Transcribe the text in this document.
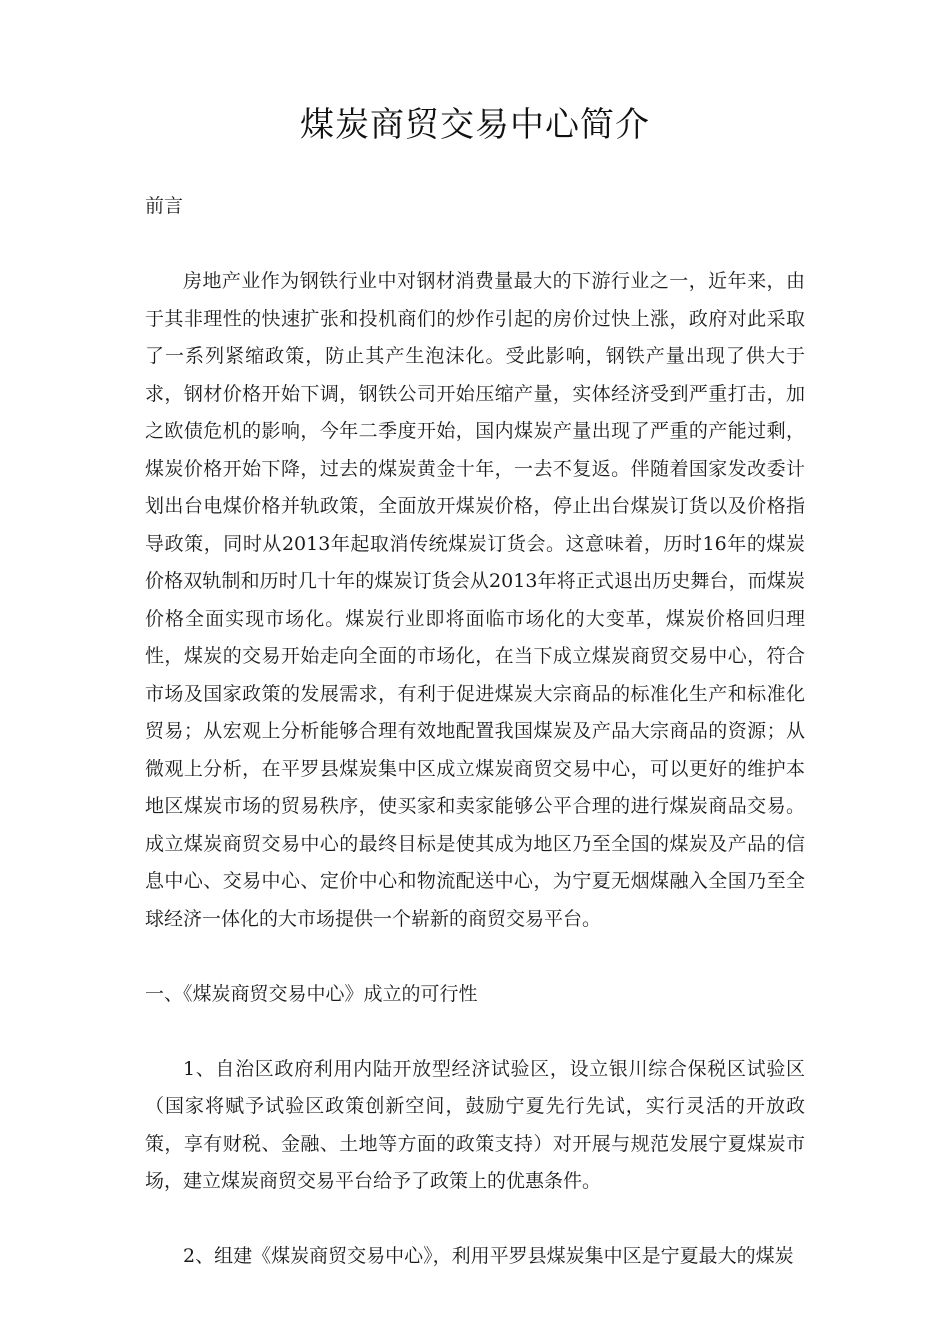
煤炭商贸交易中心简介

前言

房地产业作为钢铁行业中对钢材消费量最大的下游行业之一，近年来，由于其非理性的快速扩张和投机商们的炒作引起的房价过快上涨，政府对此采取了一系列紧缩政策，防止其产生泡沫化。受此影响，钢铁产量出现了供大于求，钢材价格开始下调，钢铁公司开始压缩产量，实体经济受到严重打击，加之欧债危机的影响，今年二季度开始，国内煤炭产量出现了严重的产能过剩，煤炭价格开始下降，过去的煤炭黄金十年，一去不复返。伴随着国家发改委计划出台电煤价格并轨政策，全面放开煤炭价格，停止出台煤炭订货以及价格指导政策，同时从2013年起取消传统煤炭订货会。这意味着，历时16年的煤炭价格双轨制和历时几十年的煤炭订货会从2013年将正式退出历史舞台，而煤炭价格全面实现市场化。煤炭行业即将面临市场化的大变革，煤炭价格回归理性，煤炭的交易开始走向全面的市场化，在当下成立煤炭商贸交易中心，符合市场及国家政策的发展需求，有利于促进煤炭大宗商品的标准化生产和标准化贸易；从宏观上分析能够合理有效地配置我国煤炭及产品大宗商品的资源；从微观上分析，在平罗县煤炭集中区成立煤炭商贸交易中心，可以更好的维护本地区煤炭市场的贸易秩序，使买家和卖家能够公平合理的进行煤炭商品交易。成立煤炭商贸交易中心的最终目标是使其成为地区乃至全国的煤炭及产品的信息中心、交易中心、定价中心和物流配送中心，为宁夏无烟煤融入全国乃至全球经济一体化的大市场提供一个崭新的商贸交易平台。

一、《煤炭商贸交易中心》成立的可行性

1、自治区政府利用内陆开放型经济试验区，设立银川综合保税区试验区（国家将赋予试验区政策创新空间，鼓励宁夏先行先试，实行灵活的开放政策，享有财税、金融、土地等方面的政策支持）对开展与规范发展宁夏煤炭市场，建立煤炭商贸交易平台给予了政策上的优惠条件。

2、组建《煤炭商贸交易中心》，利用平罗县煤炭集中区是宁夏最大的煤炭
